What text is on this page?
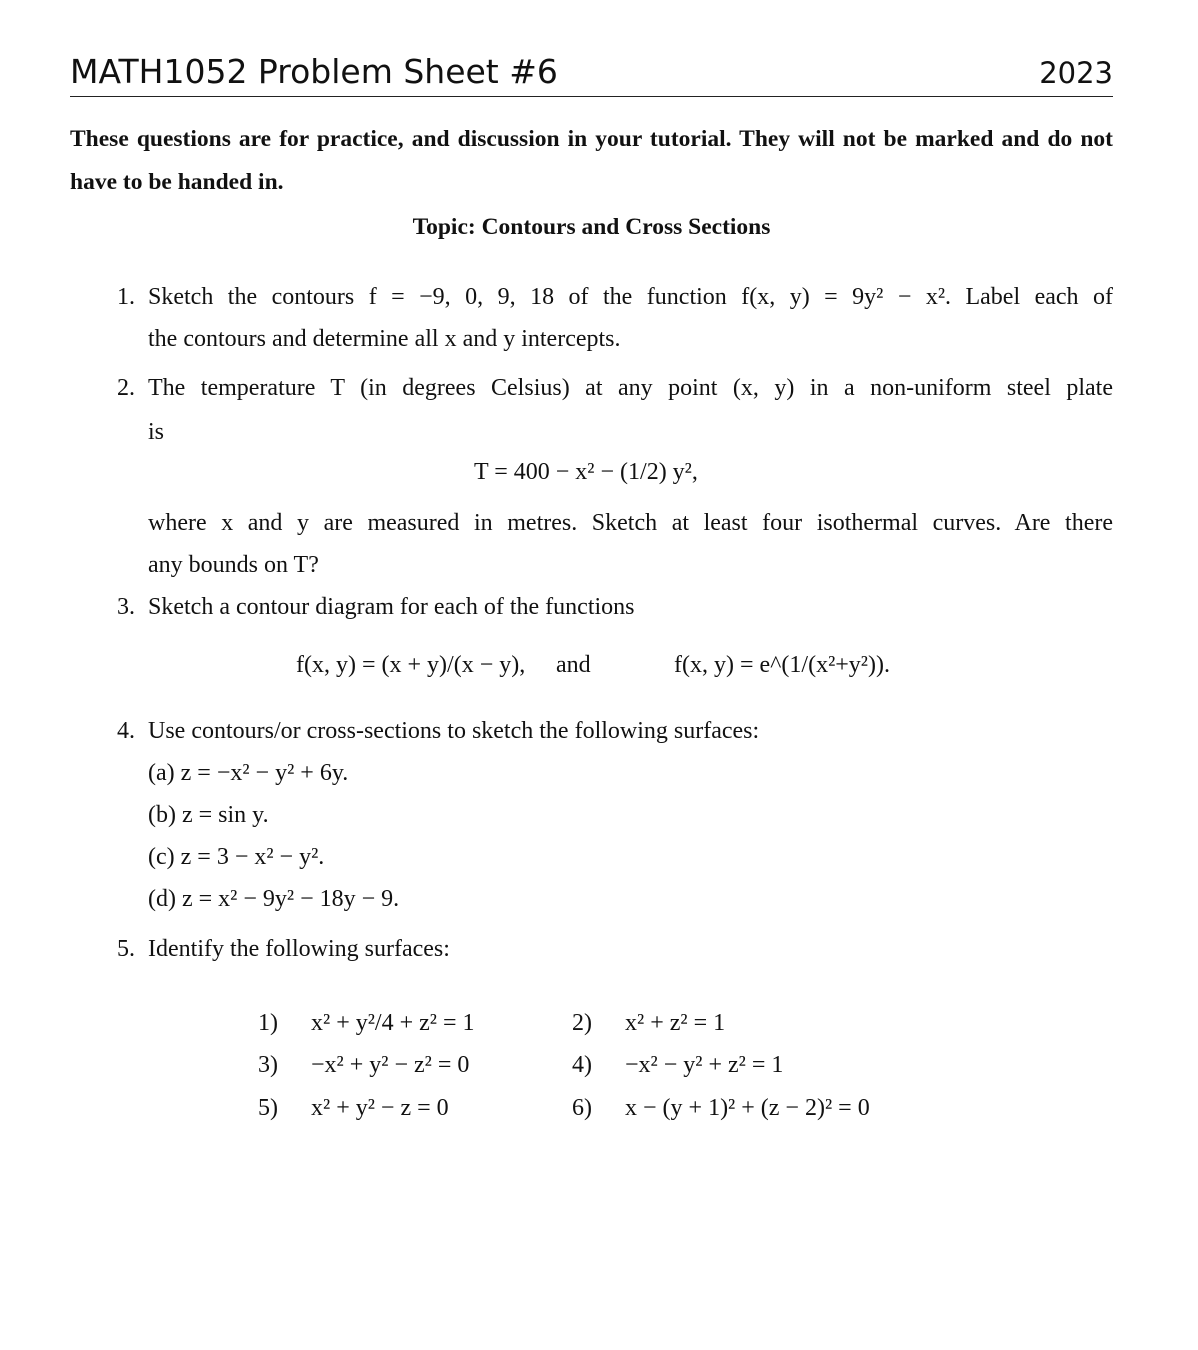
MATH1052 Problem Sheet #6	2023
These questions are for practice, and discussion in your tutorial. They will not be marked and do not have to be handed in.
Topic: Contours and Cross Sections
1. Sketch the contours f = −9, 0, 9, 18 of the function f(x, y) = 9y² − x². Label each of
the contours and determine all x and y intercepts.
2. The temperature T (in degrees Celsius) at any point (x, y) in a non-uniform steel plate
is
T = 400 − x² − (1/2) y²,
where x and y are measured in metres. Sketch at least four isothermal curves. Are there
any bounds on T?
3. Sketch a contour diagram for each of the functions
f(x, y) = (x + y)/(x − y), and	f(x, y) = e^(1/(x²+y²)).
4. Use contours/or cross-sections to sketch the following surfaces:
(a) z = −x² − y² + 6y.
(b) z = sin y.
(c) z = 3 − x² − y².
(d) z = x² − 9y² − 18y − 9.
5. Identify the following surfaces:
1) x² + y²/4 + z² = 1	2) x² + z² = 1
3) −x² + y² − z² = 0	4) −x² − y² + z² = 1
5) x² + y² − z = 0	6) x − (y + 1)² + (z − 2)² = 0
